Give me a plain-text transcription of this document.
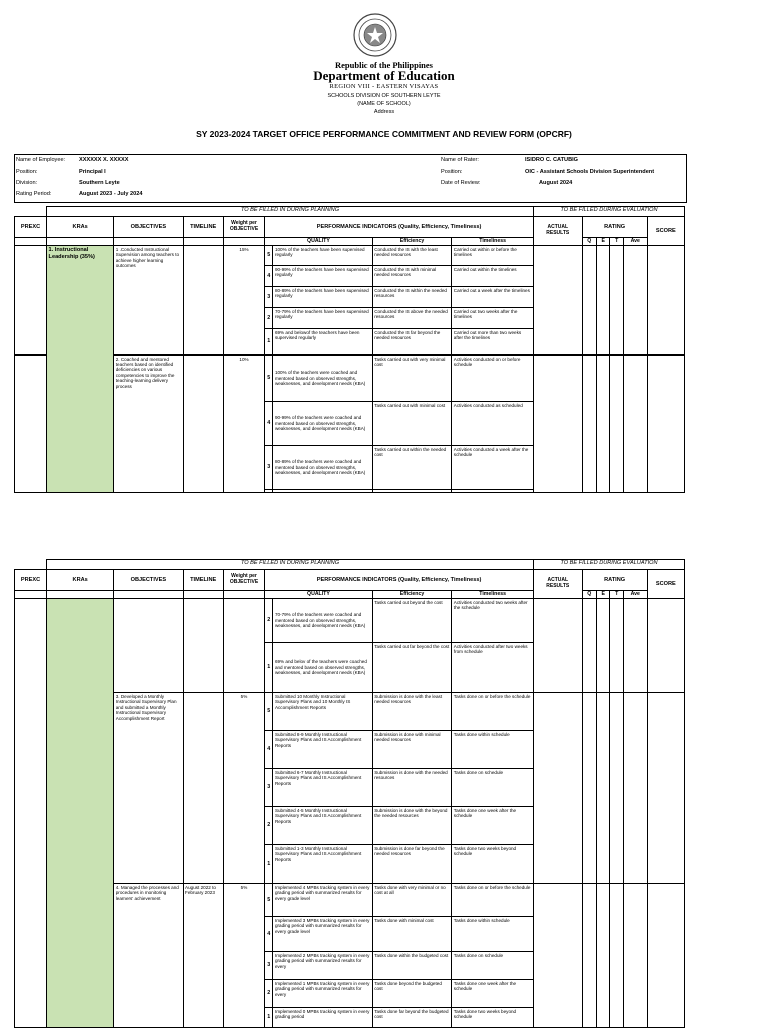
Republic of the Philippines
Department of Education
REGION VIII - EASTERN VISAYAS
SCHOOLS DIVISION OF SOUTHERN LEYTE
(NAME OF SCHOOL)
Address
SY 2023-2024 TARGET OFFICE PERFORMANCE COMMITMENT AND REVIEW FORM (OPCRF)
Name of Employee: XXXXXX X. XXXXX
Position:	Principal I
Division:	Southern Leyte
Rating Period:	August 2023 - July 2024
Name of Rater:	ISIDRO C. CATUBIG
Position:	OIC - Assistant Schools Division Superintendent
Date of Review:	August 2024
	TO BE FILLED IN DURING PLANNING								TO BE FILLED DURING EVALUATION					
PREXC	KRAs	OBJECTIVES	TIMELINE	Weight per OBJECTIVE	PERFORMANCE INDICATORS (Quality, Efficiency, Timeliness)				ACTUAL RESULTS	RATING				SCORE
					QUALITY		Efficiency	Timeliness		Q	E	T	Ave	
	1. Instructional Leadership (35%)	1 .Conducted Instructional Supervision among teachers to achieve higher learning outcomes		15%	5	100% of the teachers have been supervised regularly	Conducted the IS with the least needed resources	Carried out within or before the timelines						
					4	90-99% of the teachers have been supervised regularly	Conducted the IS with minimal needed resources	Carried out within the timelines						
					3	80-89% of the teachers have been supervised regularly	Conducted the IS within the needed resources	Carried out a week after the timelines						
					2	70-79% of the teachers have been supervised regularly	Conducted the IS above the needed resources	Carried out two weeks after the timelines						
					1	69% and belowof the teachers have been supervised regularly	Conducted the IS far beyond the needed resources	Carried out more than two weeks after the timelines						
		2. Coached and mentored teachers based on identified deficiencies on various competencies to improve the teaching-learning delivery process		10%	5	100% of the teachers were coached and mentored based on observed strengths, weaknesses, and development needs (KBA)	Tasks carried out with very minimal cost	Activities conducted on or before schedule						
					4	90-99% of the teachers were coached and mentored based on observed strengths, weaknesses, and development needs (KBA)	Tasks carried out with minimal cost	Activities conducted as scheduled						
					3	80-89% of the teachers were coached and mentored based on observed strengths, weaknesses, and development needs (KBA)	Tasks carried out within the needed cost	Activities conducted a week after the schedule						

	TO BE FILLED IN DURING PLANNING								TO BE FILLED DURING EVALUATION					
PREXC	KRAs	OBJECTIVES	TIMELINE	Weight per OBJECTIVE	PERFORMANCE INDICATORS (Quality, Efficiency, Timeliness)				ACTUAL RESULTS	RATING				SCORE
					QUALITY		Efficiency	Timeliness		Q	E	T	Ave	
					2	70-79% of the teachers were coached and mentored based on observed strengths, weaknesses, and development needs (KBA)	Tasks carried out beyond the cost	Activities conducted two weeks after the schedule						
					1	69% and belov of the teachers were coached and mentored based on observed strengths, weaknesses, and development needs (KBA)	Tasks carried out far beyond the cost	Activities conducted after two weeks from schedule						
		3. Developed a Monthly Instructional Supervisory Plan and submitted a Monthly Instructional Supervisory Accomplishment Report		5%	5	Submitted 10 Monthly Instructional Supervisory Plans and 10 Monthly IS Accomplishment Reports	Submission is done with the least needed resources	Tasks done on or before the schedule						
					4	Submitted 8-9 Monthly Instructional Supervisory Plans and IS Accomplishment Reports	Submission is done with minimal needed resources	Tasks done within schedule						
					3	Submitted 6-7 Monthly Instructional Supervisory Plans and IS Accomplishment Reports	Submission is done with the needed resources	Tasks done on schedule						
					2	Submitted 4-5 Monthly Instructional Supervisory Plans and IS Accomplishment Reports	Submission is done with the beyond the needed resources	Tasks done one week after the schedule						
					1	Submitted 1-3 Monthly Instructional Supervisory Plans and IS Accomplishment Reports	Submission is done far beyond the needed resources	Tasks done two weeks beyond schedule						
		4. Managed the processes and procedures in monitoring learners' achievement	August 2022 to February 2023	5%	5	Implemented 4 MPBs tracking system in every grading period with summarized results for every grade level	Tasks done with very minimal or no cost at all	Tasks done on or before the schedule						
					4	Implemented 3 MPBs tracking system in every grading period with summarized results for every grade level	Tasks done with minimal cost	Tasks done within schedule						
					3	Implemented 2 MPBs tracking system in every grading period with summarized results for every	Tasks done within the budgeted cost	Tasks done on schedule						
					2	Implemented 1 MPBs tracking system in every grading period with summarized results for every	Tasks done beyond the budgeted cost	Tasks done one week after the schedule						
					1	Implemented 0 MPBs tracking system in every grading period	Tasks done far beyond the budgeted cost	Tasks done two weeks beyond schedule						
